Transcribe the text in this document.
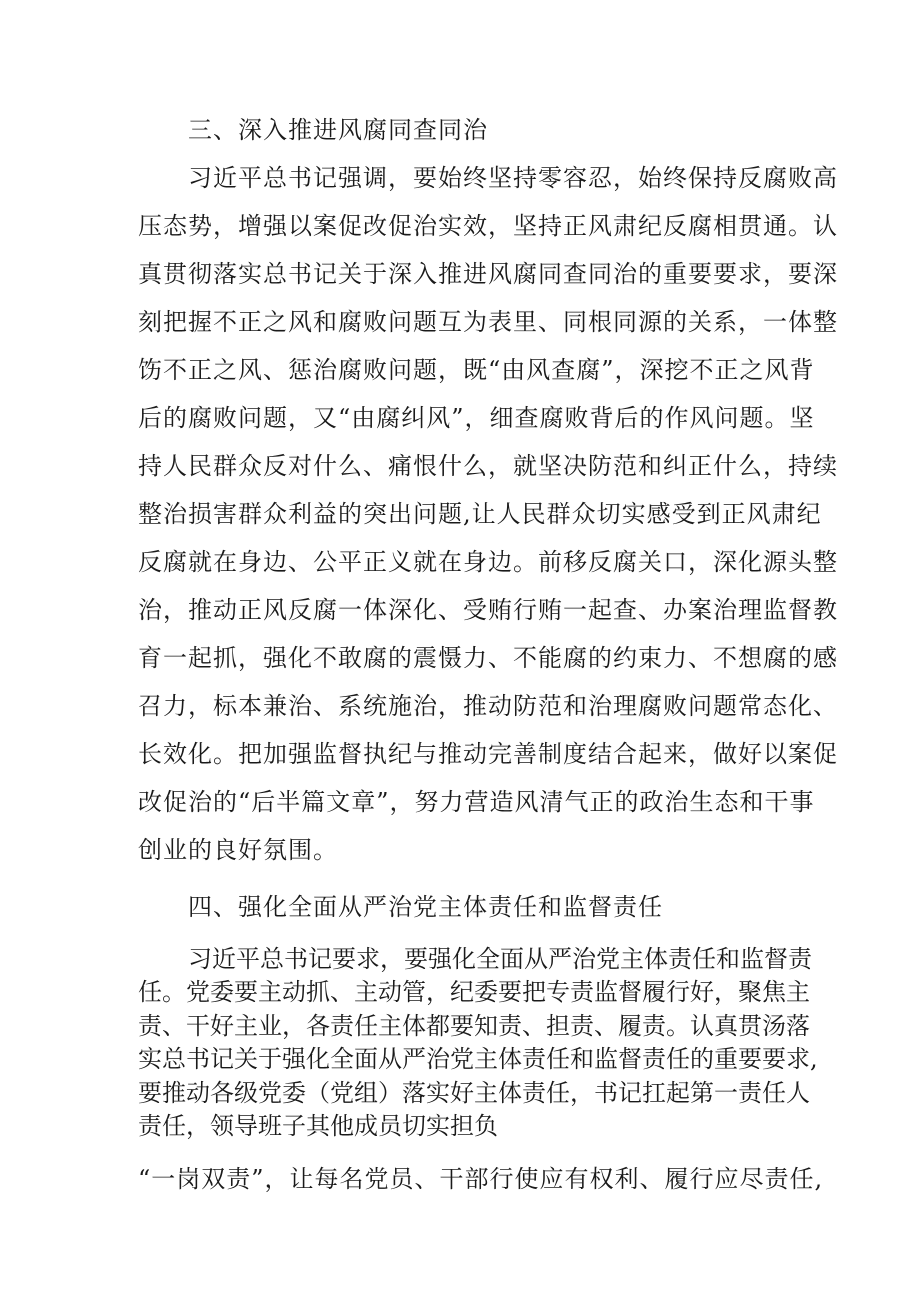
三、深入推进风腐同查同治

习近平总书记强调，要始终坚持零容忍，始终保持反腐败高

压态势，增强以案促改促治实效，坚持正风肃纪反腐相贯通。认

真贯彻落实总书记关于深入推进风腐同查同治的重要要求，要深

刻把握不正之风和腐败问题互为表里、同根同源的关系，一体整

饬不正之风、惩治腐败问题，既“由风查腐”，深挖不正之风背

后的腐败问题，又“由腐纠风”，细查腐败背后的作风问题。坚

持人民群众反对什么、痛恨什么，就坚决防范和纠正什么，持续

整治损害群众利益的突出问题,让人民群众切实感受到正风肃纪

反腐就在身边、公平正义就在身边。前移反腐关口，深化源头整

治，推动正风反腐一体深化、受贿行贿一起查、办案治理监督教

育一起抓，强化不敢腐的震慑力、不能腐的约束力、不想腐的感

召力，标本兼治、系统施治，推动防范和治理腐败问题常态化、

长效化。把加强监督执纪与推动完善制度结合起来，做好以案促

改促治的“后半篇文章”，努力营造风清气正的政治生态和干事

创业的良好氛围。

四、强化全面从严治党主体责任和监督责任

习近平总书记要求，要强化全面从严治党主体责任和监督责

任。党委要主动抓、主动管，纪委要把专责监督履行好，聚焦主

责、干好主业，各责任主体都要知责、担责、履责。认真贯汤落

实总书记关于强化全面从严治党主体责任和监督责任的重要要求,

要推动各级党委（党组）落实好主体责任，书记扛起第一责任人

责任，领导班子其他成员切实担负

“一岗双责”，让每名党员、干部行使应有权利、履行应尽责任,
